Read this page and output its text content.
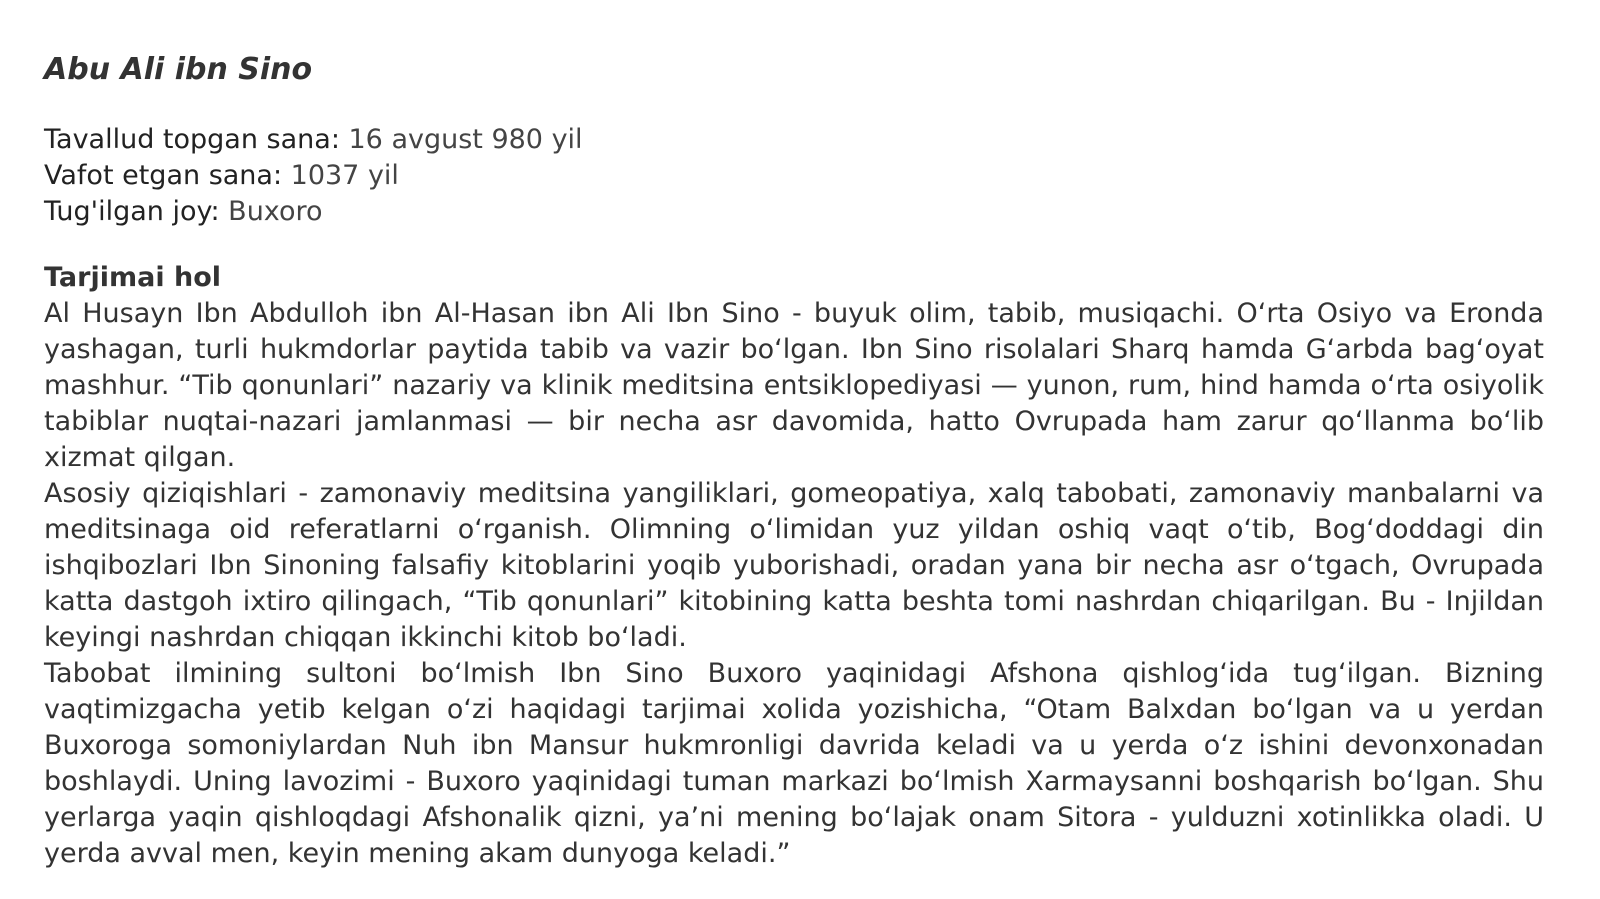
Abu Ali ibn Sino
Tavallud topgan sana: 16 avgust 980 yil
Vafot etgan sana: 1037 yil
Tug'ilgan joy: Buxoro
Tarjimai hol

Al Husayn Ibn Abdulloh ibn Al-Hasan ibn Ali Ibn Sino - buyuk olim, tabib, musiqachi. O‘rta Osiyo va Eronda yashagan, turli hukmdorlar paytida tabib va vazir bo‘lgan. Ibn Sino risolalari Sharq hamda G‘arbda bag‘oyat mashhur. “Tib qonunlari” nazariy va klinik meditsina entsiklopediyasi — yunon, rum, hind hamda o‘rta osiyolik tabiblar nuqtai-nazari jamlanmasi — bir necha asr davomida, hatto Ovrupada ham zarur qo‘llanma bo‘lib xizmat qilgan.

Asosiy qiziqishlari - zamonaviy meditsina yangiliklari, gomeopatiya, xalq tabobati, zamonaviy manbalarni va meditsinaga oid referatlarni o‘rganish. Olimning o‘limidan yuz yildan oshiq vaqt o‘tib, Bog‘doddagi din ishqibozlari Ibn Sinoning falsafiy kitoblarini yoqib yuborishadi, oradan yana bir necha asr o‘tgach, Ovrupada katta dastgoh ixtiro qilingach, “Tib qonunlari” kitobining katta beshta tomi nashrdan chiqarilgan. Bu - Injildan keyingi nashrdan chiqqan ikkinchi kitob bo‘ladi.

Tabobat ilmining sultoni bo‘lmish Ibn Sino Buxoro yaqinidagi Afshona qishlog‘ida tug‘ilgan. Bizning vaqtimizgacha yetib kelgan o‘zi haqidagi tarjimai xolida yozishicha, “Otam Balxdan bo‘lgan va u yerdan Buxoroga somoniylardan Nuh ibn Mansur hukmronligi davrida keladi va u yerda o‘z ishini devonxonadan boshlaydi. Uning lavozimi - Buxoro yaqinidagi tuman markazi bo‘lmish Xarmaysanni boshqarish bo‘lgan. Shu yerlarga yaqin qishloqdagi Afshonalik qizni, ya’ni mening bo‘lajak onam Sitora - yulduzni xotinlikka oladi. U yerda avval men, keyin mening akam dunyoga keladi.”
